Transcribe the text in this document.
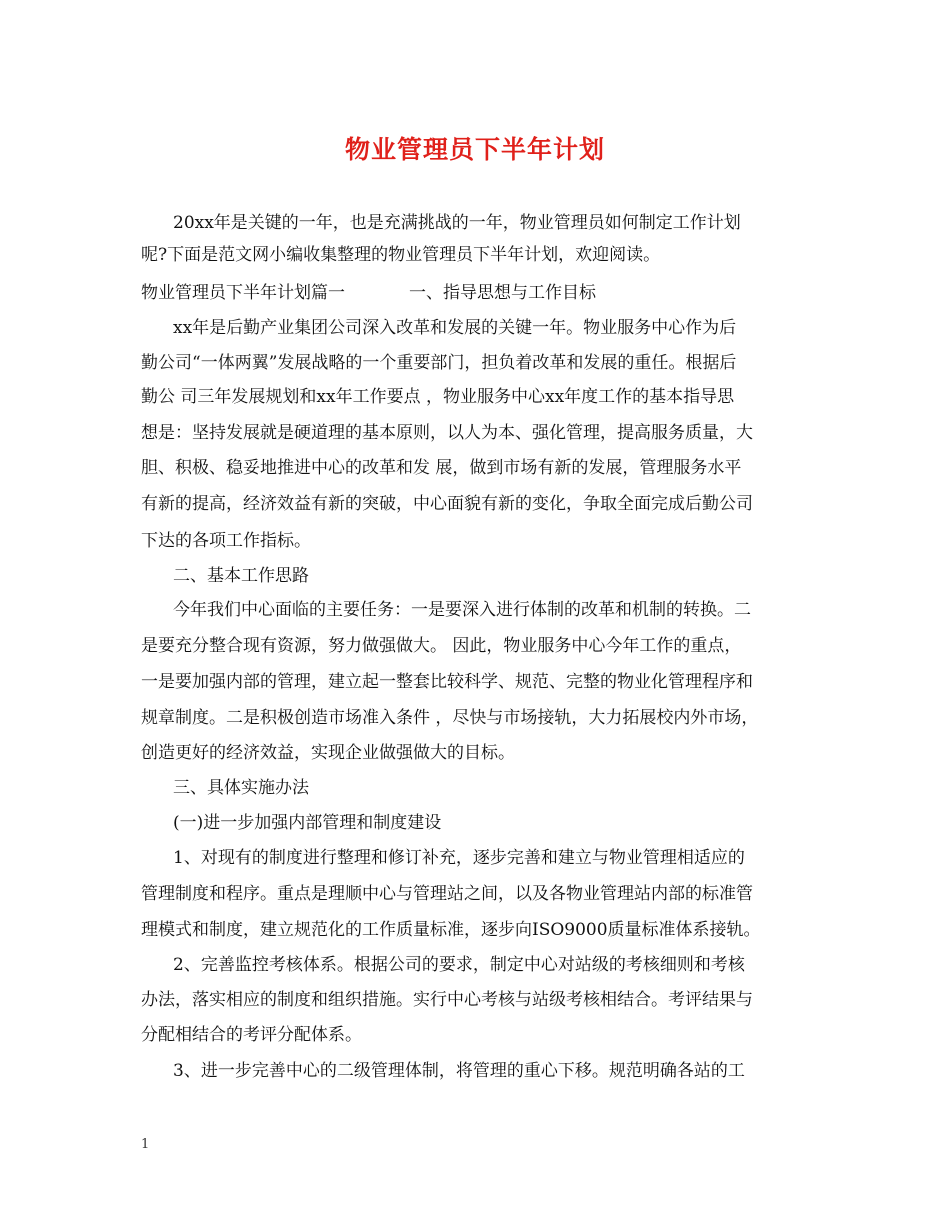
物业管理员下半年计划
20xx年是关键的一年，也是充满挑战的一年，物业管理员如何制定工作计划
呢?下面是范文网小编收集整理的物业管理员下半年计划，欢迎阅读。
物业管理员下半年计划篇一	一、指导思想与工作目标
xx年是后勤产业集团公司深入改革和发展的关键一年。物业服务中心作为后
勤公司“一体两翼”发展战略的一个重要部门，担负着改革和发展的重任。根据后
勤公 司三年发展规划和xx年工作要点 ，物业服务中心xx年度工作的基本指导思
想是：坚持发展就是硬道理的基本原则，以人为本、强化管理，提高服务质量，大
胆、积极、稳妥地推进中心的改革和发 展，做到市场有新的发展，管理服务水平
有新的提高，经济效益有新的突破，中心面貌有新的变化，争取全面完成后勤公司
下达的各项工作指标。
二、基本工作思路
今年我们中心面临的主要任务：一是要深入进行体制的改革和机制的转换。二
是要充分整合现有资源，努力做强做大。 因此，物业服务中心今年工作的重点，
一是要加强内部的管理，建立起一整套比较科学、规范、完整的物业化管理程序和
规章制度。二是积极创造市场准入条件 ，尽快与市场接轨，大力拓展校内外市场，
创造更好的经济效益，实现企业做强做大的目标。
三、具体实施办法
(一)进一步加强内部管理和制度建设
1、对现有的制度进行整理和修订补充，逐步完善和建立与物业管理相适应的
管理制度和程序。重点是理顺中心与管理站之间，以及各物业管理站内部的标准管
理模式和制度，建立规范化的工作质量标准，逐步向ISO9000质量标准体系接轨。
2、完善监控考核体系。根据公司的要求，制定中心对站级的考核细则和考核
办法，落实相应的制度和组织措施。实行中心考核与站级考核相结合。考评结果与
分配相结合的考评分配体系。
3、进一步完善中心的二级管理体制，将管理的重心下移。规范明确各站的工
1
